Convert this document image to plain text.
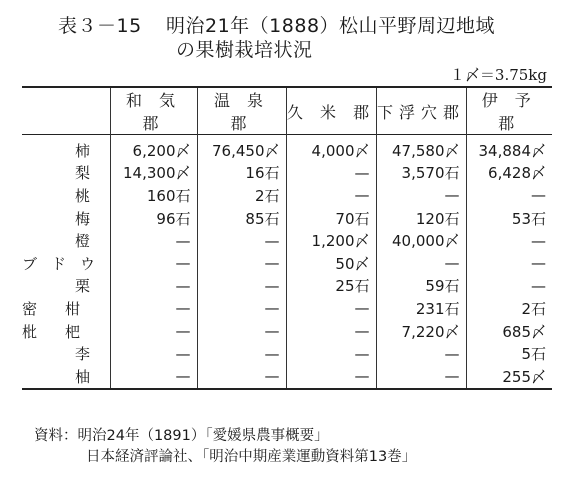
表３－15 明治21年（1888）松山平野周辺地域
の果樹栽培状況
１〆＝3.75kg
	和 気 郡	温 泉 郡	久 米 郡	下浮穴郡	伊 予 郡

柿	6,200〆	76,450〆	4,000〆	47,580〆	34,884〆

梨	14,300〆	16石	—	3,570石	6,428〆

桃	160石	2石	—	—	—

梅	96石	85石	70石	120石	53石

橙	—	—	1,200〆	40,000〆	—

ブドウ	—	—	50〆	—	—

栗	—	—	25石	59石	—

密柑	—	—	—	231石	2石

枇杷	—	—	—	7,220〆	685〆

李	—	—	—	—	5石

柚	—	—	—	—	255〆
資料：明治24年（1891）「愛媛県農事概要」
日本経済評論社、「明治中期産業運動資料第13巻」
